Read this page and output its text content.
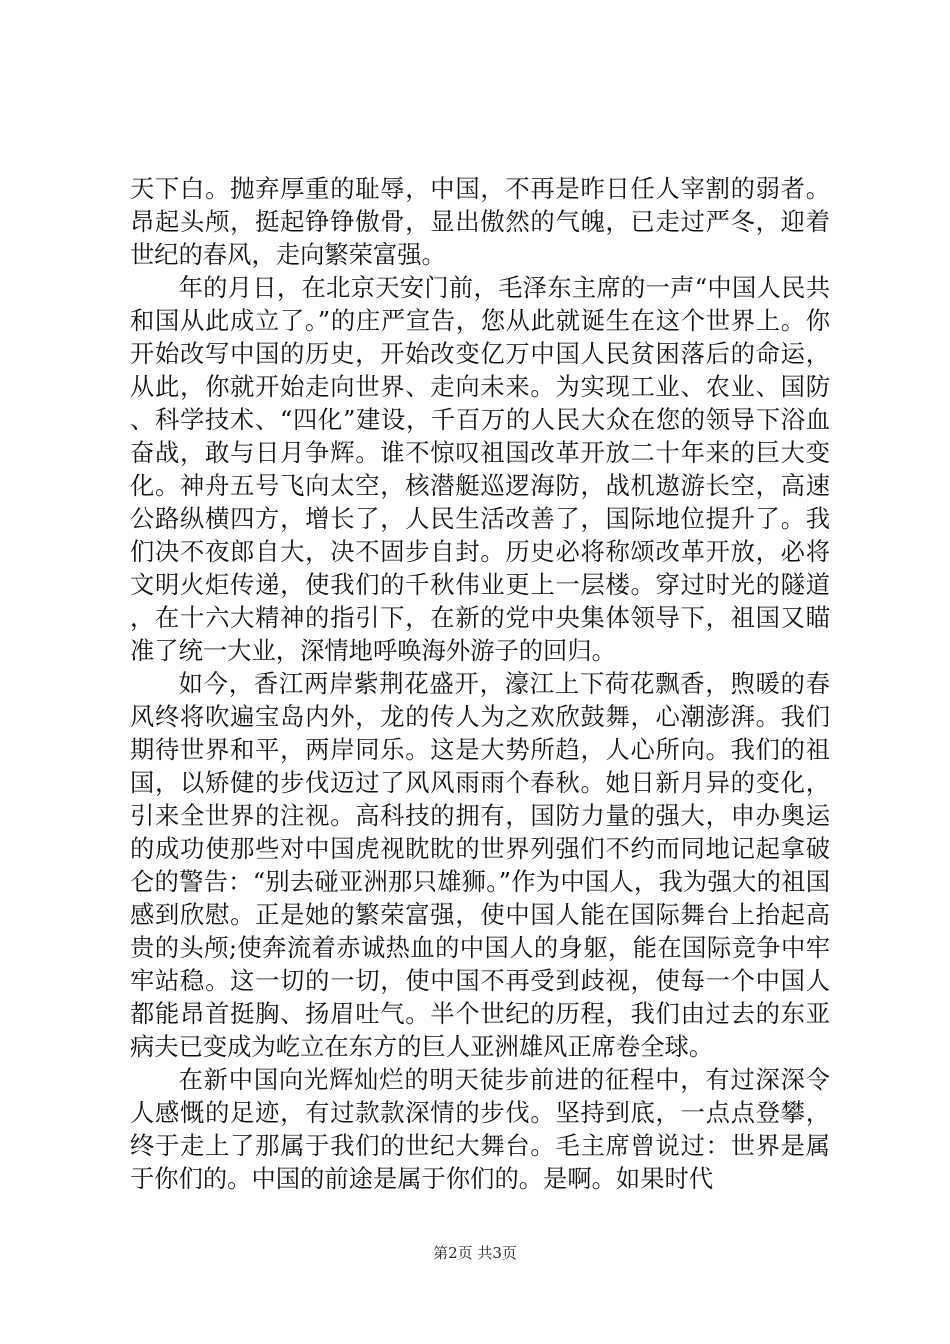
天下白。抛弃厚重的耻辱，中国，不再是昨日任人宰割的弱者。昂起头颅，挺起铮铮傲骨，显出傲然的气魄，已走过严冬，迎着世纪的春风，走向繁荣富强。

年的月日，在北京天安门前，毛泽东主席的一声“中国人民共和国从此成立了。”的庄严宣告，您从此就诞生在这个世界上。你开始改写中国的历史，开始改变亿万中国人民贫困落后的命运，从此，你就开始走向世界、走向未来。为实现工业、农业、国防、科学技术、“四化”建设，千百万的人民大众在您的领导下浴血奋战，敢与日月争辉。谁不惊叹祖国改革开放二十年来的巨大变化。神舟五号飞向太空，核潜艇巡逻海防，战机遨游长空，高速公路纵横四方，增长了，人民生活改善了，国际地位提升了。我们决不夜郎自大，决不固步自封。历史必将称颂改革开放，必将文明火炬传递，使我们的千秋伟业更上一层楼。穿过时光的隧道，在十六大精神的指引下，在新的党中央集体领导下，祖国又瞄准了统一大业，深情地呼唤海外游子的回归。

如今，香江两岸紫荆花盛开，濠江上下荷花飘香，煦暖的春风终将吹遍宝岛内外，龙的传人为之欢欣鼓舞，心潮澎湃。我们期待世界和平，两岸同乐。这是大势所趋，人心所向。我们的祖国，以矫健的步伐迈过了风风雨雨个春秋。她日新月异的变化，引来全世界的注视。高科技的拥有，国防力量的强大，申办奥运的成功使那些对中国虎视眈眈的世界列强们不约而同地记起拿破仑的警告：“别去碰亚洲那只雄狮。”作为中国人，我为强大的祖国感到欣慰。正是她的繁荣富强，使中国人能在国际舞台上抬起高贵的头颅;使奔流着赤诚热血的中国人的身躯，能在国际竞争中牢牢站稳。这一切的一切，使中国不再受到歧视，使每一个中国人都能昂首挺胸、扬眉吐气。半个世纪的历程，我们由过去的东亚病夫已变成为屹立在东方的巨人亚洲雄风正席卷全球。

在新中国向光辉灿烂的明天徒步前进的征程中，有过深深令人感慨的足迹，有过款款深情的步伐。坚持到底，一点点登攀，终于走上了那属于我们的世纪大舞台。毛主席曾说过：世界是属于你们的。中国的前途是属于你们的。是啊。如果时代

第2页 共3页
